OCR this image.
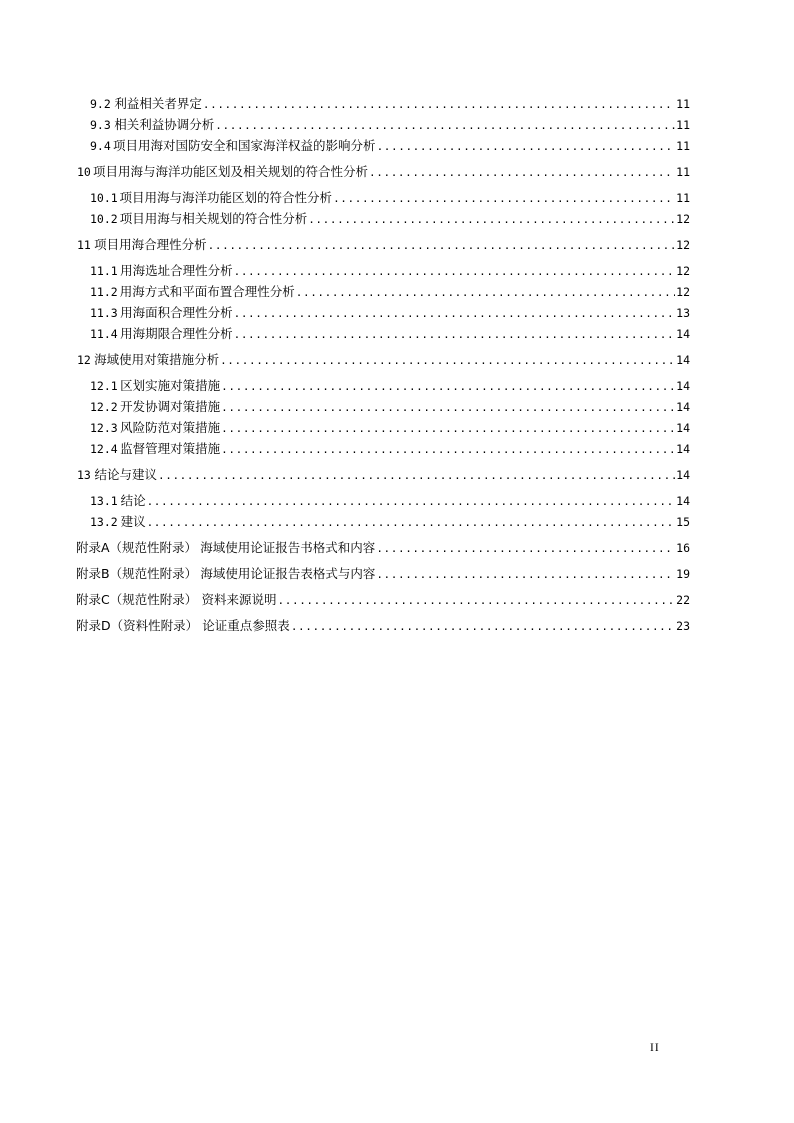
9.2 利益相关者界定 .....	11
9.3 相关利益协调分析 .....	11
9.4 项目用海对国防安全和国家海洋权益的影响分析 .....	11
10 项目用海与海洋功能区划及相关规划的符合性分析 .....	11
10.1 项目用海与海洋功能区划的符合性分析 .....	11
10.2 项目用海与相关规划的符合性分析 .....	12
11 项目用海合理性分析 .....	12
11.1 用海选址合理性分析 .....	12
11.2 用海方式和平面布置合理性分析 .....	12
11.3 用海面积合理性分析 .....	13
11.4 用海期限合理性分析 .....	14
12 海域使用对策措施分析 .....	14
12.1 区划实施对策措施 .....	14
12.2 开发协调对策措施 .....	14
12.3 风险防范对策措施 .....	14
12.4 监督管理对策措施 .....	14
13 结论与建议 .....	14
13.1 结论 .....	14
13.2 建议 .....	15
附录A（规范性附录） 海域使用论证报告书格式和内容 .....	16
附录B（规范性附录） 海域使用论证报告表格式与内容 .....	19
附录C（规范性附录） 资料来源说明 .....	22
附录D（资料性附录） 论证重点参照表 .....	23
II
